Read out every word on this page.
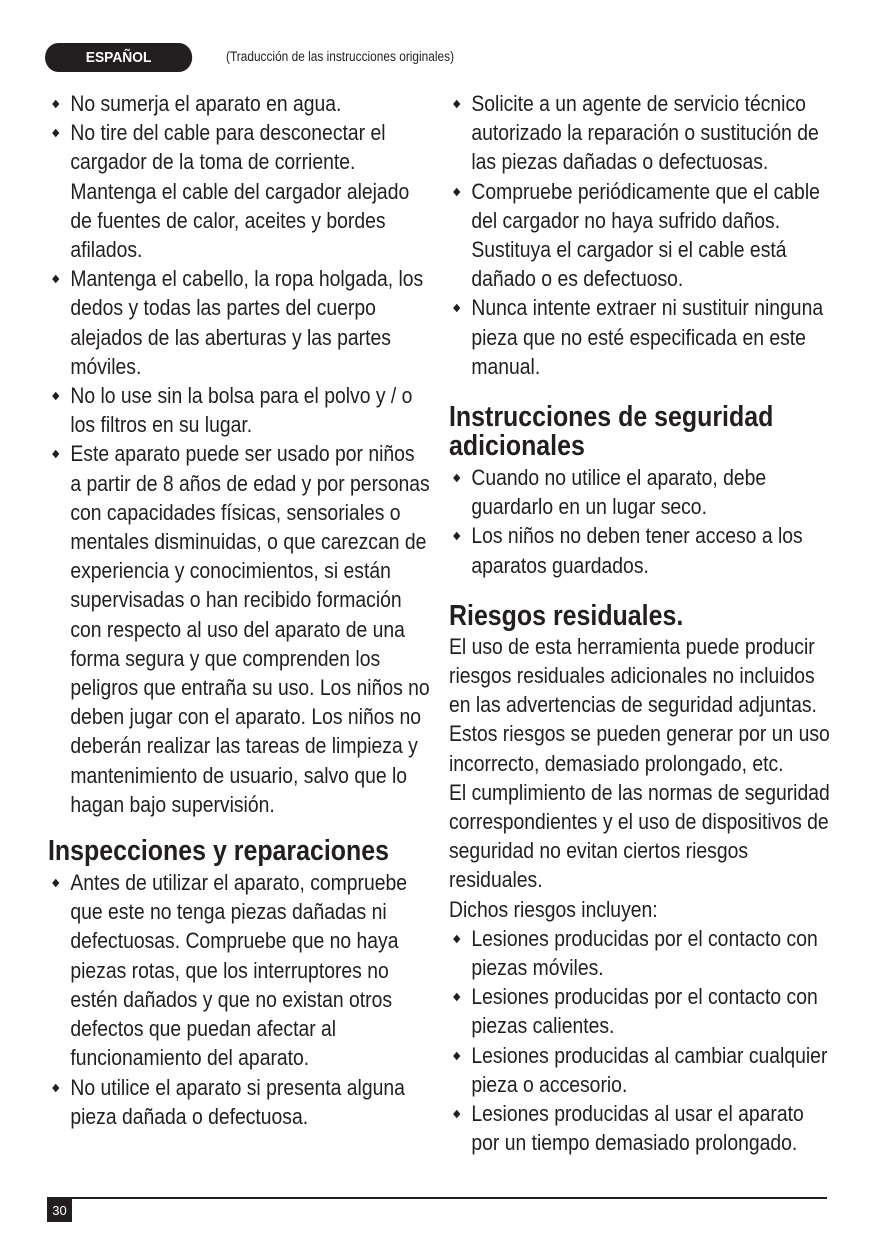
ESPAÑOL	(Traducción de las instrucciones originales)
No sumerja el aparato en agua.
No tire del cable para desconectar el cargador de la toma de corriente. Mantenga el cable del cargador alejado de fuentes de calor, aceites y bordes afilados.
Mantenga el cabello, la ropa holgada, los dedos y todas las partes del cuerpo alejados de las aberturas y las partes móviles.
No lo use sin la bolsa para el polvo y / o los filtros en su lugar.
Este aparato puede ser usado por niños a partir de 8 años de edad y por personas con capacidades físicas, sensoriales o mentales disminuidas, o que carezcan de experiencia y conocimientos, si están supervisadas o han recibido formación con respecto al uso del aparato de una forma segura y que comprenden los peligros que entraña su uso. Los niños no deben jugar con el aparato. Los niños no deberán realizar las tareas de limpieza y mantenimiento de usuario, salvo que lo hagan bajo supervisión.
Inspecciones y reparaciones
Antes de utilizar el aparato, compruebe que este no tenga piezas dañadas ni defectuosas. Compruebe que no haya piezas rotas, que los interruptores no estén dañados y que no existan otros defectos que puedan afectar al funcionamiento del aparato.
No utilice el aparato si presenta alguna pieza dañada o defectuosa.
Solicite a un agente de servicio técnico autorizado la reparación o sustitución de las piezas dañadas o defectuosas.
Compruebe periódicamente que el cable del cargador no haya sufrido daños. Sustituya el cargador si el cable está dañado o es defectuoso.
Nunca intente extraer ni sustituir ninguna pieza que no esté especificada en este manual.
Instrucciones de seguridad adicionales
Cuando no utilice el aparato, debe guardarlo en un lugar seco.
Los niños no deben tener acceso a los aparatos guardados.
Riesgos residuales.

El uso de esta herramienta puede producir riesgos residuales adicionales no incluidos en las advertencias de seguridad adjuntas. Estos riesgos se pueden generar por un uso incorrecto, demasiado prolongado, etc.

El cumplimiento de las normas de seguridad correspondientes y el uso de dispositivos de seguridad no evitan ciertos riesgos residuales.

Dichos riesgos incluyen:

Lesiones producidas por el contacto con piezas móviles.
Lesiones producidas por el contacto con piezas calientes.
Lesiones producidas al cambiar cualquier pieza o accesorio.
Lesiones producidas al usar el aparato por un tiempo demasiado prolongado.
30
